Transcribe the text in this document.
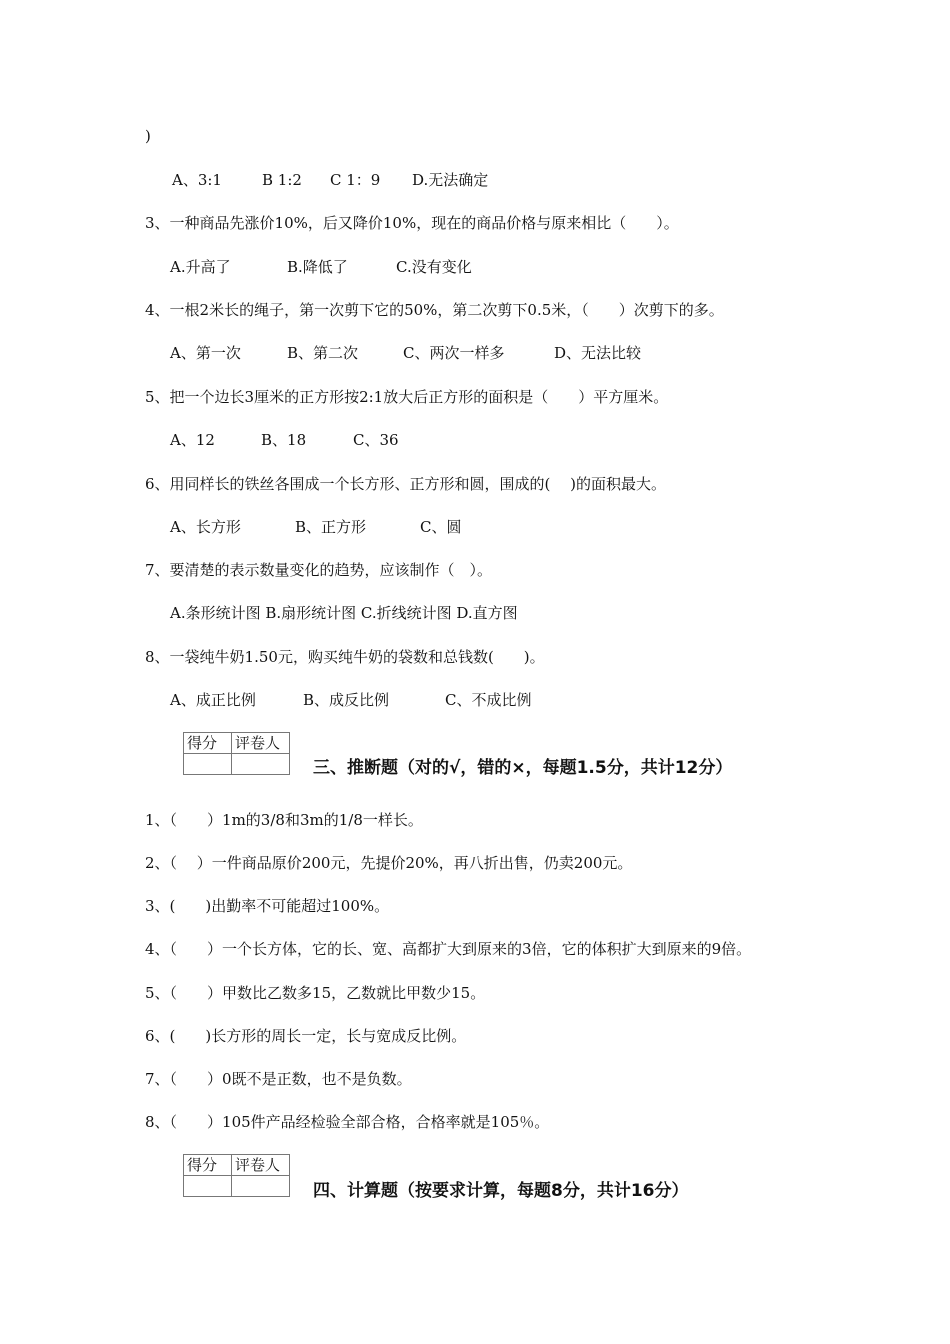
)
A、3:1	B 1:2 C 1：9 D.无法确定
3、一种商品先涨价10%，后又降价10%，现在的商品价格与原来相比（　　）。
A.升高了	B.降低了	C.没有变化
4、一根2米长的绳子，第一次剪下它的50%，第二次剪下0.5米，（　　）次剪下的多。
A、第一次	B、第二次	C、两次一样多	D、无法比较
5、把一个边长3厘米的正方形按2:1放大后正方形的面积是（　　）平方厘米。
A、12	B、18	C、36
6、用同样长的铁丝各围成一个长方形、正方形和圆，围成的(　 )的面积最大。
A、长方形	B、正方形	C、圆
7、要清楚的表示数量变化的趋势，应该制作（　）。
A.条形统计图 B.扇形统计图 C.折线统计图 D.直方图
8、一袋纯牛奶1.50元，购买纯牛奶的袋数和总钱数(　　)。
A、成正比例	B、成反比例	C、不成比例
得分	评卷人

三、推断题（对的√，错的×，每题1.5分，共计12分）
1、（　　）1m的3/8和3m的1/8一样长。
2、（　 ）一件商品原价200元，先提价20%，再八折出售，仍卖200元。
3、(　　)出勤率不可能超过100%。
4、（　　）一个长方体，它的长、宽、高都扩大到原来的3倍，它的体积扩大到原来的9倍。
5、（　　）甲数比乙数多15，乙数就比甲数少15。
6、(　　)长方形的周长一定，长与宽成反比例。
7、（　　）0既不是正数，也不是负数。
8、（　　）105件产品经检验全部合格，合格率就是105％。
得分	评卷人

四、计算题（按要求计算，每题8分，共计16分）
